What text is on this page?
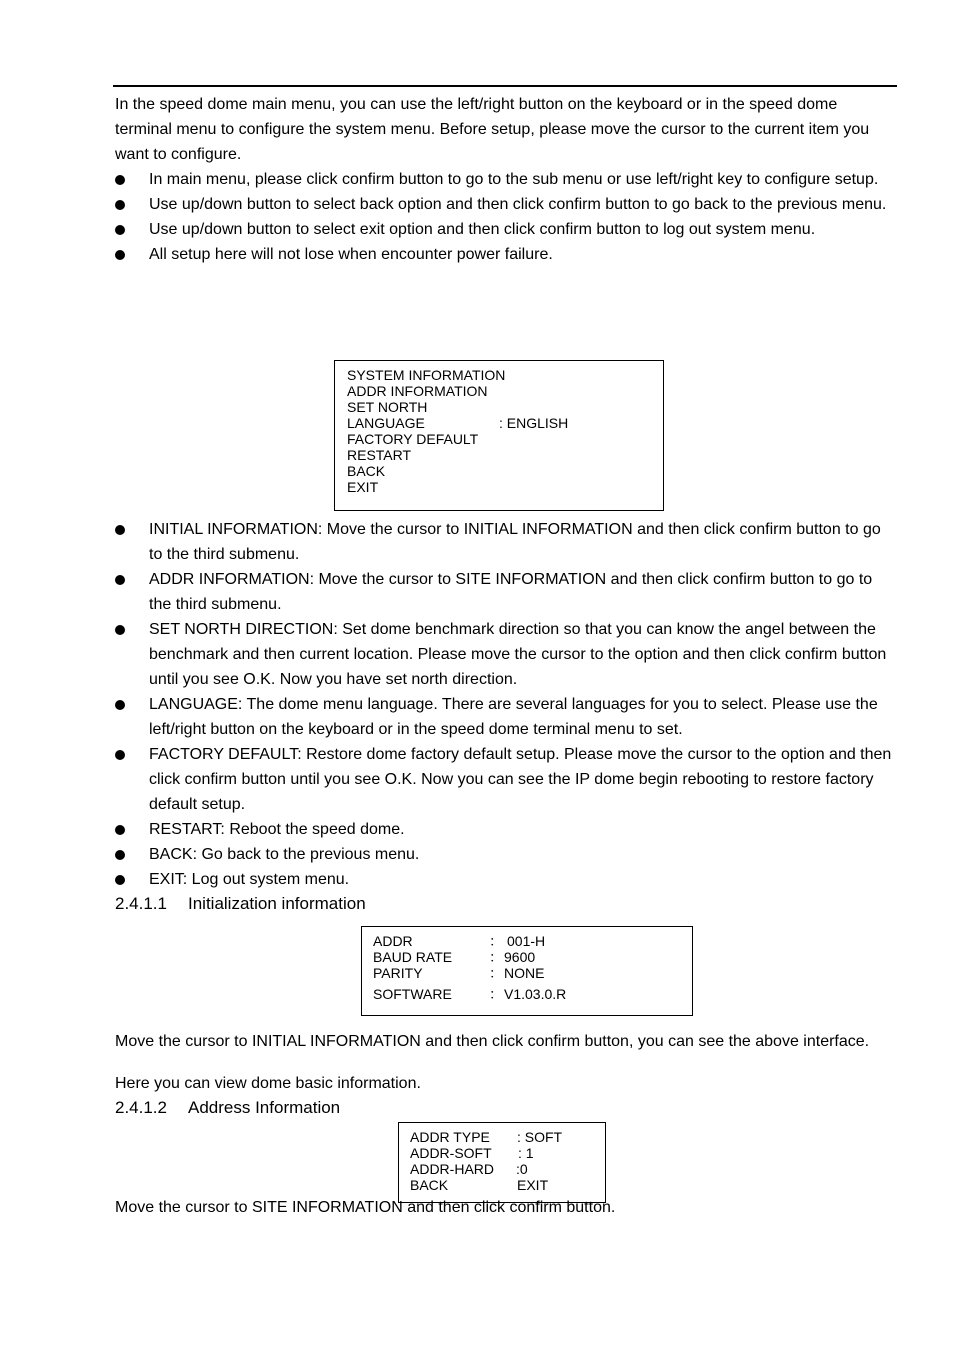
In the speed dome main menu, you can use the left/right button on the keyboard or in the speed dome terminal menu to configure the system menu. Before setup, please move the cursor to the current item you want to configure.

In main menu, please click confirm button to go to the sub menu or use left/right key to configure setup.
Use up/down button to select back option and then click confirm button to go back to the previous menu.
Use up/down button to select exit option and then click confirm button to log out system menu.
All setup here will not lose when encounter power failure.
SYSTEM INFORMATION
ADDR INFORMATION
SET NORTH
LANGUAGE	: ENGLISH
FACTORY DEFAULT
RESTART
BACK
EXIT
INITIAL INFORMATION: Move the cursor to INITIAL INFORMATION and then click confirm button to go to the third submenu.
ADDR INFORMATION: Move the cursor to SITE INFORMATION and then click confirm button to go to the third submenu.
SET NORTH DIRECTION: Set dome benchmark direction so that you can know the angel between the benchmark and then current location. Please move the cursor to the option and then click confirm button until you see O.K. Now you have set north direction.
LANGUAGE: The dome menu language. There are several languages for you to select. Please use the left/right button on the keyboard or in the speed dome terminal menu to set.
FACTORY DEFAULT: Restore dome factory default setup. Please move the cursor to the option and then click confirm button until you see O.K. Now you can see the IP dome begin rebooting to restore factory default setup.
RESTART: Reboot the speed dome.
BACK: Go back to the previous menu.
EXIT: Log out system menu.
2.4.1.1 Initialization information
ADDR	： 001-H
BAUD RATE	： 9600
PARITY	： NONE
SOFTWARE	： V1.03.0.R

Move the cursor to INITIAL INFORMATION and then click confirm button, you can see the above interface.

Here you can view dome basic information.

2.4.1.2 Address Information
ADDR TYPE : SOFT
ADDR-SOFT : 1
ADDR-HARD :0
BACK	EXIT

Move the cursor to SITE INFORMATION and then click confirm button.
